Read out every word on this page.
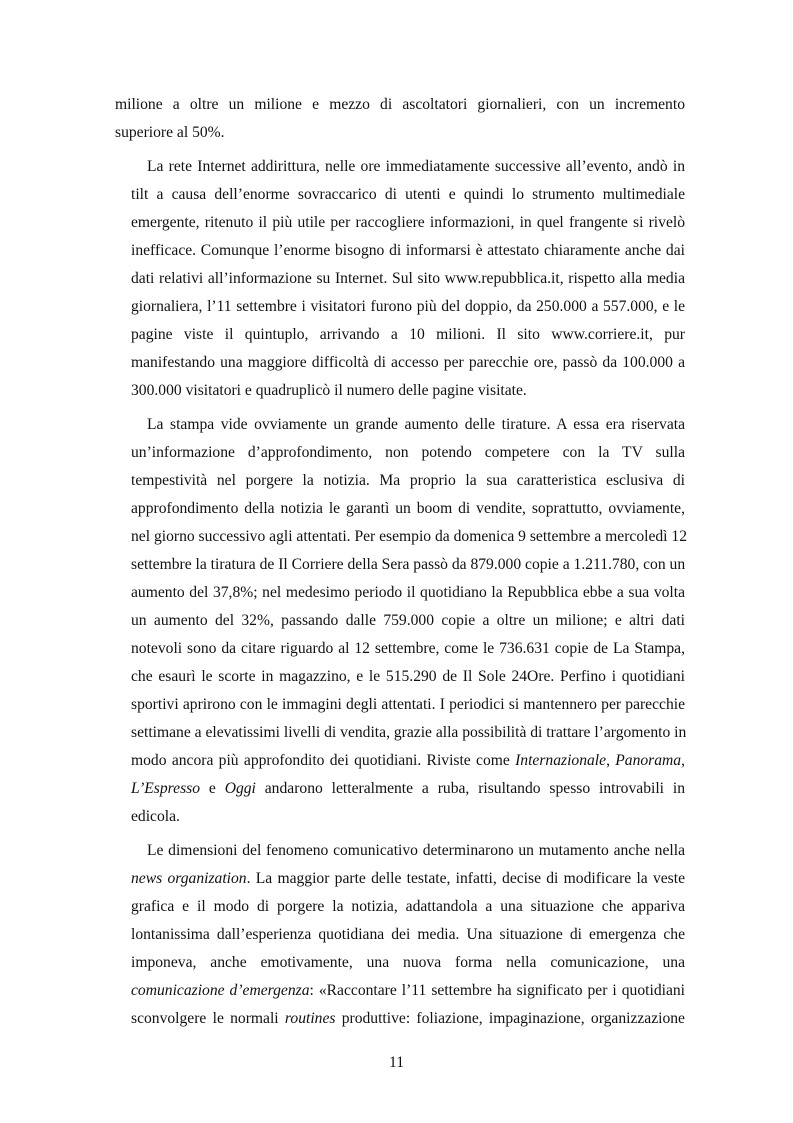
milione a oltre un milione e mezzo di ascoltatori giornalieri, con un incremento
superiore al 50%.
La rete Internet addirittura, nelle ore immediatamente successive all’evento, andò in
tilt a causa dell’enorme sovraccarico di utenti e quindi lo strumento multimediale
emergente, ritenuto il più utile per raccogliere informazioni, in quel frangente si rivelò
inefficace. Comunque l’enorme bisogno di informarsi è attestato chiaramente anche dai
dati relativi all’informazione su Internet. Sul sito www.repubblica.it, rispetto alla media
giornaliera, l’11 settembre i visitatori furono più del doppio, da 250.000 a 557.000, e le
pagine viste il quintuplo, arrivando a 10 milioni. Il sito www.corriere.it, pur
manifestando una maggiore difficoltà di accesso per parecchie ore, passò da 100.000 a
300.000 visitatori e quadruplicò il numero delle pagine visitate.
La stampa vide ovviamente un grande aumento delle tirature. A essa era riservata
un’informazione d’approfondimento, non potendo competere con la TV sulla
tempestività nel porgere la notizia. Ma proprio la sua caratteristica esclusiva di
approfondimento della notizia le garantì un boom di vendite, soprattutto, ovviamente,
nel giorno successivo agli attentati. Per esempio da domenica 9 settembre a mercoledì 12
settembre la tiratura de Il Corriere della Sera passò da 879.000 copie a 1.211.780, con un
aumento del 37,8%; nel medesimo periodo il quotidiano la Repubblica ebbe a sua volta
un aumento del 32%, passando dalle 759.000 copie a oltre un milione; e altri dati
notevoli sono da citare riguardo al 12 settembre, come le 736.631 copie de La Stampa,
che esaurì le scorte in magazzino, e le 515.290 de Il Sole 24Ore. Perfino i quotidiani
sportivi aprirono con le immagini degli attentati. I periodici si mantennero per parecchie
settimane a elevatissimi livelli di vendita, grazie alla possibilità di trattare l’argomento in
modo ancora più approfondito dei quotidiani. Riviste come Internazionale, Panorama,
L’Espresso e Oggi andarono letteralmente a ruba, risultando spesso introvabili in
edicola.
Le dimensioni del fenomeno comunicativo determinarono un mutamento anche nella
news organization. La maggior parte delle testate, infatti, decise di modificare la veste
grafica e il modo di porgere la notizia, adattandola a una situazione che appariva
lontanissima dall’esperienza quotidiana dei media. Una situazione di emergenza che
imponeva, anche emotivamente, una nuova forma nella comunicazione, una
comunicazione d’emergenza: «Raccontare l’11 settembre ha significato per i quotidiani
sconvolgere le normali routines produttive: foliazione, impaginazione, organizzazione
11
